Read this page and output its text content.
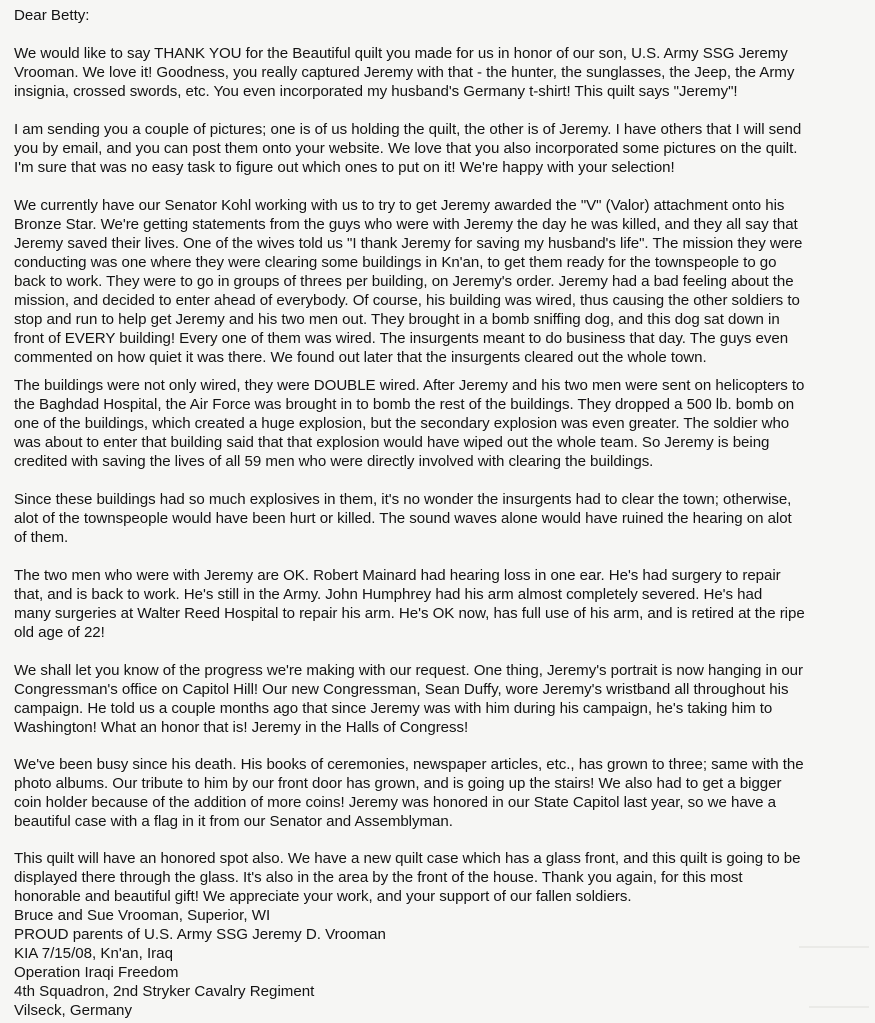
Dear Betty:

We would like to say THANK YOU for the Beautiful quilt you made for us in honor of our son, U.S. Army SSG Jeremy
Vrooman. We love it! Goodness, you really captured Jeremy with that - the hunter, the sunglasses, the Jeep, the Army
insignia, crossed swords, etc. You even incorporated my husband's Germany t-shirt! This quilt says "Jeremy"!

I am sending you a couple of pictures; one is of us holding the quilt, the other is of Jeremy. I have others that I will send
you by email, and you can post them onto your website. We love that you also incorporated some pictures on the quilt.
I'm sure that was no easy task to figure out which ones to put on it! We're happy with your selection!

We currently have our Senator Kohl working with us to try to get Jeremy awarded the "V" (Valor) attachment onto his
Bronze Star. We're getting statements from the guys who were with Jeremy the day he was killed, and they all say that
Jeremy saved their lives. One of the wives told us "I thank Jeremy for saving my husband's life". The mission they were
conducting was one where they were clearing some buildings in Kn'an, to get them ready for the townspeople to go
back to work. They were to go in groups of threes per building, on Jeremy's order. Jeremy had a bad feeling about the
mission, and decided to enter ahead of everybody. Of course, his building was wired, thus causing the other soldiers to
stop and run to help get Jeremy and his two men out. They brought in a bomb sniffing dog, and this dog sat down in
front of EVERY building! Every one of them was wired. The insurgents meant to do business that day. The guys even
commented on how quiet it was there. We found out later that the insurgents cleared out the whole town.

The buildings were not only wired, they were DOUBLE wired. After Jeremy and his two men were sent on helicopters to
the Baghdad Hospital, the Air Force was brought in to bomb the rest of the buildings. They dropped a 500 lb. bomb on
one of the buildings, which created a huge explosion, but the secondary explosion was even greater. The soldier who
was about to enter that building said that that explosion would have wiped out the whole team. So Jeremy is being
credited with saving the lives of all 59 men who were directly involved with clearing the buildings.

Since these buildings had so much explosives in them, it's no wonder the insurgents had to clear the town; otherwise,
alot of the townspeople would have been hurt or killed. The sound waves alone would have ruined the hearing on alot
of them.

The two men who were with Jeremy are OK. Robert Mainard had hearing loss in one ear. He's had surgery to repair
that, and is back to work. He's still in the Army. John Humphrey had his arm almost completely severed. He's had
many surgeries at Walter Reed Hospital to repair his arm. He's OK now, has full use of his arm, and is retired at the ripe
old age of 22!

We shall let you know of the progress we're making with our request. One thing, Jeremy's portrait is now hanging in our
Congressman's office on Capitol Hill! Our new Congressman, Sean Duffy, wore Jeremy's wristband all throughout his
campaign. He told us a couple months ago that since Jeremy was with him during his campaign, he's taking him to
Washington! What an honor that is! Jeremy in the Halls of Congress!

We've been busy since his death. His books of ceremonies, newspaper articles, etc., has grown to three; same with the
photo albums. Our tribute to him by our front door has grown, and is going up the stairs! We also had to get a bigger
coin holder because of the addition of more coins! Jeremy was honored in our State Capitol last year, so we have a
beautiful case with a flag in it from our Senator and Assemblyman.

This quilt will have an honored spot also. We have a new quilt case which has a glass front, and this quilt is going to be
displayed there through the glass. It's also in the area by the front of the house. Thank you again, for this most
honorable and beautiful gift! We appreciate your work, and your support of our fallen soldiers.

Bruce and Sue Vrooman, Superior, WI
PROUD parents of U.S. Army SSG Jeremy D. Vrooman
KIA 7/15/08, Kn'an, Iraq
Operation Iraqi Freedom
4th Squadron, 2nd Stryker Cavalry Regiment
Vilseck, Germany
